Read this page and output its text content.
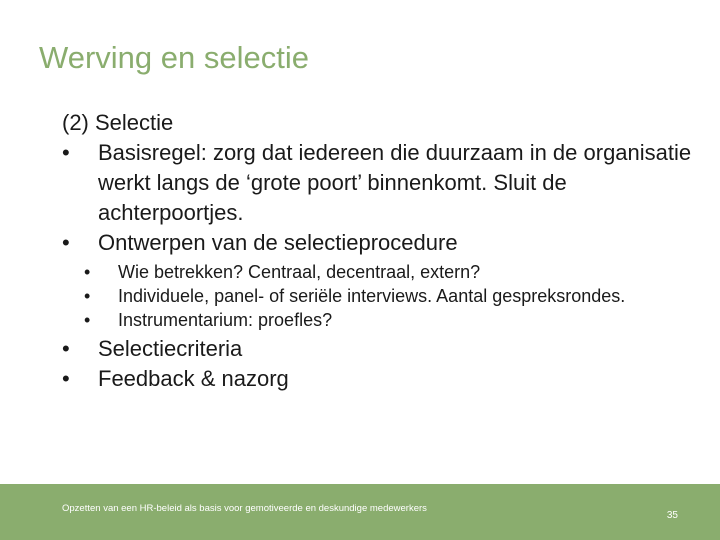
Werving en selectie
(2) Selectie
•	Basisregel: zorg dat iedereen die duurzaam in de organisatie werkt langs de ‘grote poort’ binnenkomt. Sluit de achterpoortjes.
•	Ontwerpen van de selectieprocedure
• Wie betrekken? Centraal, decentraal, extern?
• Individuele, panel- of seriële interviews. Aantal gespreksrondes.
• Instrumentarium: proefles?
•	Selectiecriteria
•	Feedback & nazorg
Opzetten van een HR-beleid als basis voor gemotiveerde en deskundige medewerkers
35
